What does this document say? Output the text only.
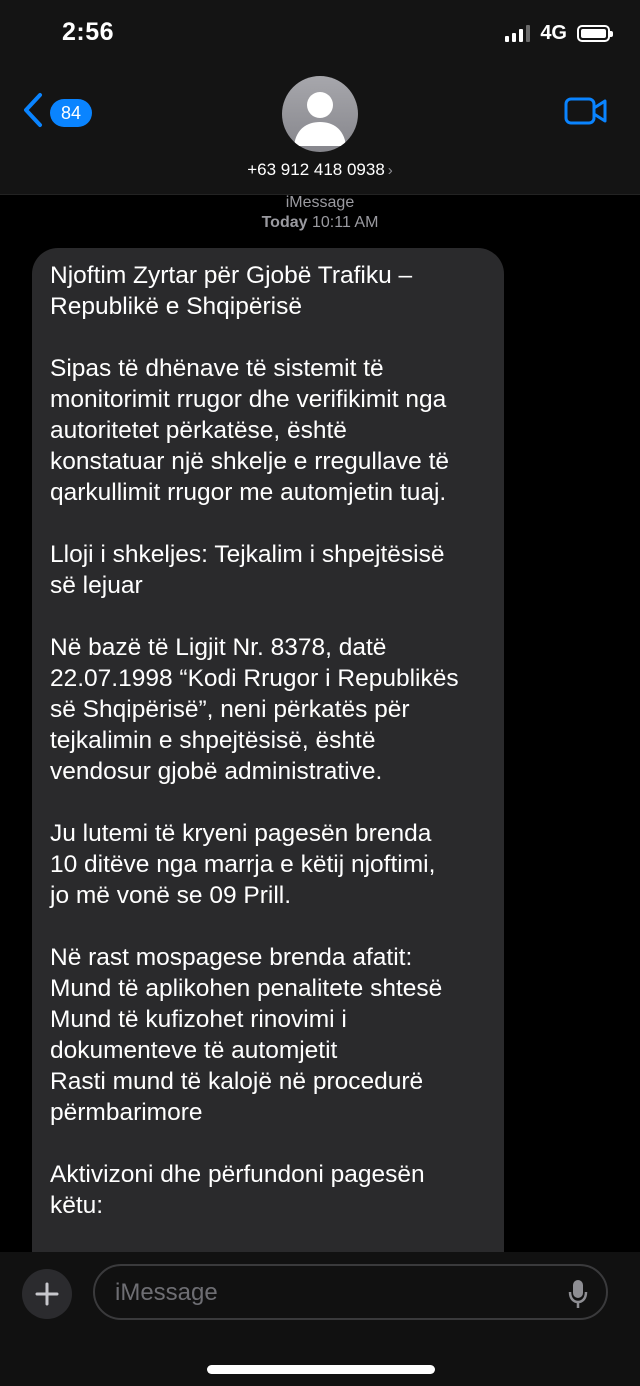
2:56	4G
84
+63 912 418 0938 ›
iMessage
Today 10:11 AM

Njoftim Zyrtar për Gjobë Trafiku –
Republikë e Shqipërisë

Sipas të dhënave të sistemit të
monitorimit rrugor dhe verifikimit nga
autoritetet përkatëse, është
konstatuar një shkelje e rregullave të
qarkullimit rrugor me automjetin tuaj.

Lloji i shkeljes: Tejkalim i shpejtësisë
së lejuar

Në bazë të Ligjit Nr. 8378, datë
22.07.1998 “Kodi Rrugor i Republikës
së Shqipërisë”, neni përkatës për
tejkalimin e shpejtësisë, është
vendosur gjobë administrative.

Ju lutemi të kryeni pagesën brenda
10 ditëve nga marrja e këtij njoftimi,
jo më vonë se 09 Prill.

Në rast mospagese brenda afatit:
Mund të aplikohen penalitete shtesë
Mund të kufizohet rinovimi i
dokumenteve të automjetit
Rasti mund të kalojë në procedurë
përmbarimore

Aktivizoni dhe përfundoni pagesën
këtu:

iMessage
